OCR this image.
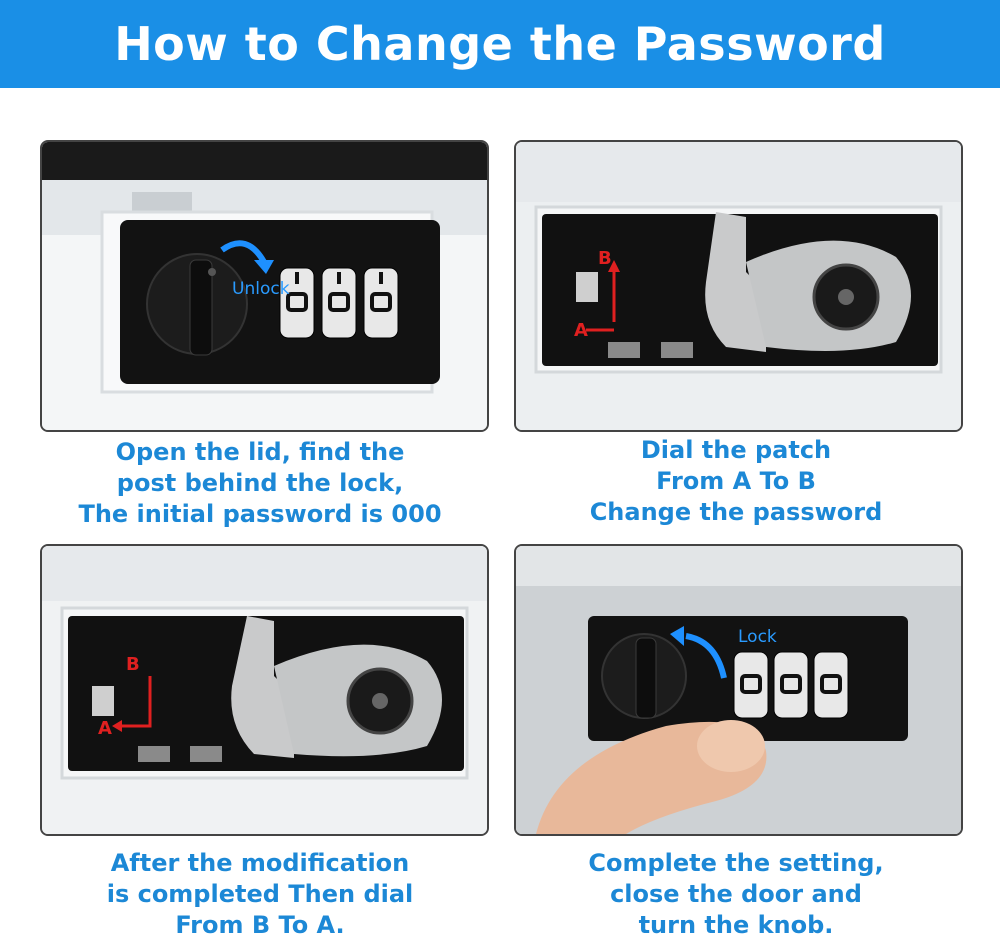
How to Change the Password
Unlock
Open the lid, find the
post behind the lock,
The initial password is 000
B
A
Dial the patch
From A To B
Change the password
B
A
After the modification
is completed Then dial
From B To A.
Lock
Complete the setting,
close the door and
turn the knob.
